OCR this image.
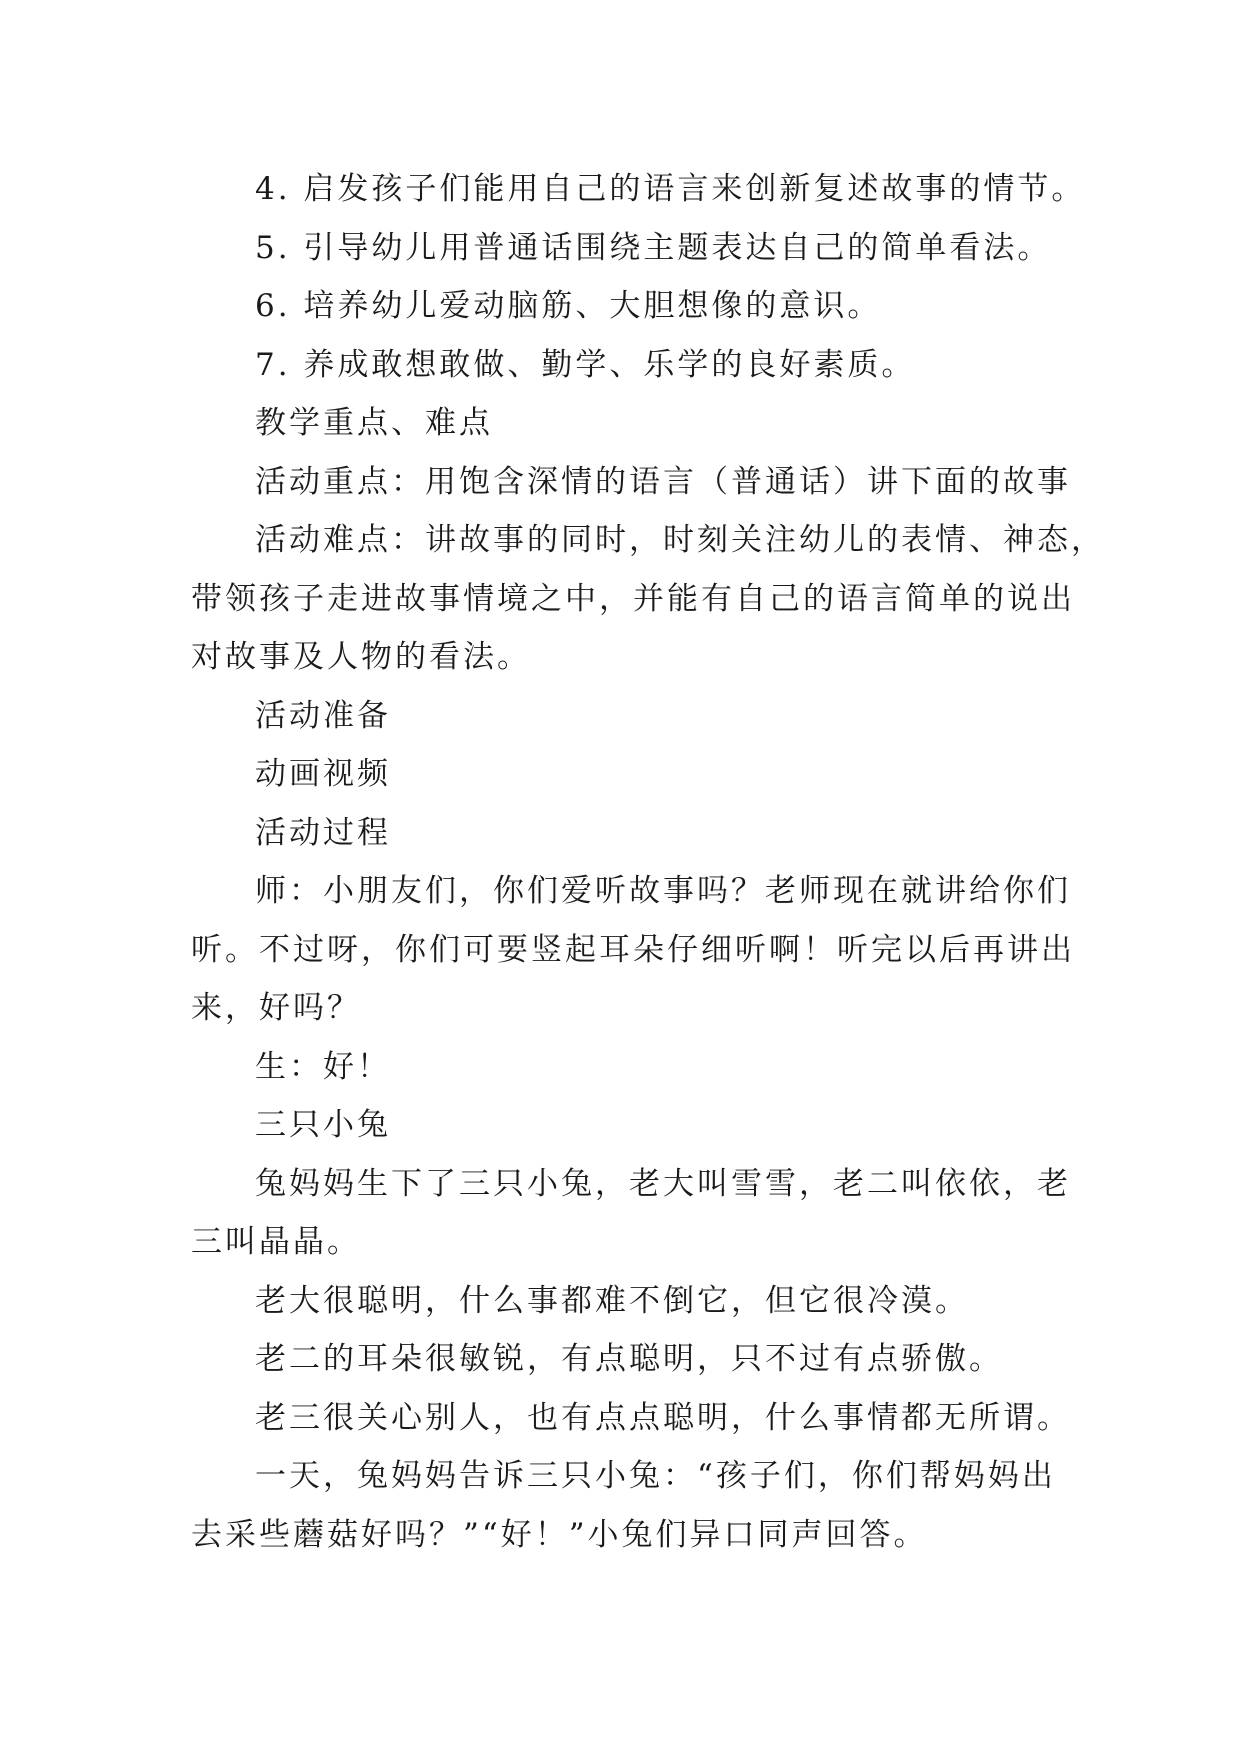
4. 启发孩子们能用自己的语言来创新复述故事的情节。
5. 引导幼儿用普通话围绕主题表达自己的简单看法。
6. 培养幼儿爱动脑筋、大胆想像的意识。
7. 养成敢想敢做、勤学、乐学的良好素质。
教学重点、难点
活动重点：用饱含深情的语言（普通话）讲下面的故事
活动难点：讲故事的同时，时刻关注幼儿的表情、神态，
带领孩子走进故事情境之中，并能有自己的语言简单的说出
对故事及人物的看法。
活动准备
动画视频
活动过程
师：小朋友们，你们爱听故事吗？老师现在就讲给你们
听。不过呀，你们可要竖起耳朵仔细听啊！听完以后再讲出
来，好吗？
生：好！
三只小兔
兔妈妈生下了三只小兔，老大叫雪雪，老二叫依依，老
三叫晶晶。
老大很聪明，什么事都难不倒它，但它很冷漠。
老二的耳朵很敏锐，有点聪明，只不过有点骄傲。
老三很关心别人，也有点点聪明，什么事情都无所谓。
一天，兔妈妈告诉三只小兔：“孩子们，你们帮妈妈出
去采些蘑菇好吗？”“好！”小兔们异口同声回答。
